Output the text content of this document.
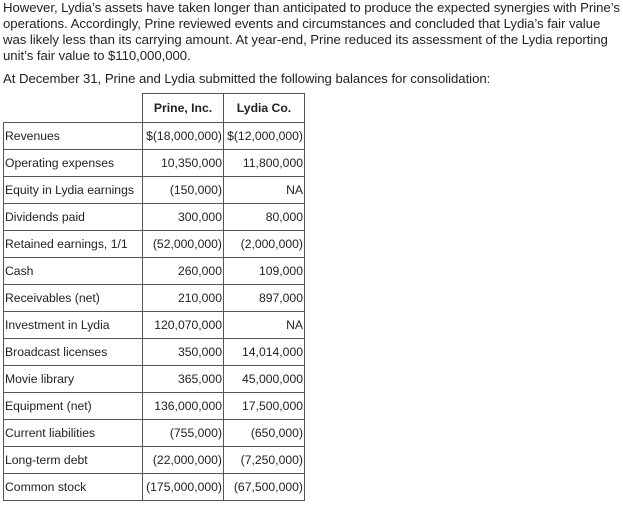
However, Lydia’s assets have taken longer than anticipated to produce the expected synergies with Prine’s operations. Accordingly, Prine reviewed events and circumstances and concluded that Lydia’s fair value was likely less than its carrying amount. At year-end, Prine reduced its assessment of the Lydia reporting unit’s fair value to $110,000,000.

At December 31, Prine and Lydia submitted the following balances for consolidation:

	Prine, Inc.	Lydia Co.
Revenues	$(18,000,000)	$(12,000,000)
Operating expenses	10,350,000	11,800,000
Equity in Lydia earnings	(150,000)	NA
Dividends paid	300,000	80,000
Retained earnings, 1/1	(52,000,000)	(2,000,000)
Cash	260,000	109,000
Receivables (net)	210,000	897,000
Investment in Lydia	120,070,000	NA
Broadcast licenses	350,000	14,014,000
Movie library	365,000	45,000,000
Equipment (net)	136,000,000	17,500,000
Current liabilities	(755,000)	(650,000)
Long-term debt	(22,000,000)	(7,250,000)
Common stock	(175,000,000)	(67,500,000)
